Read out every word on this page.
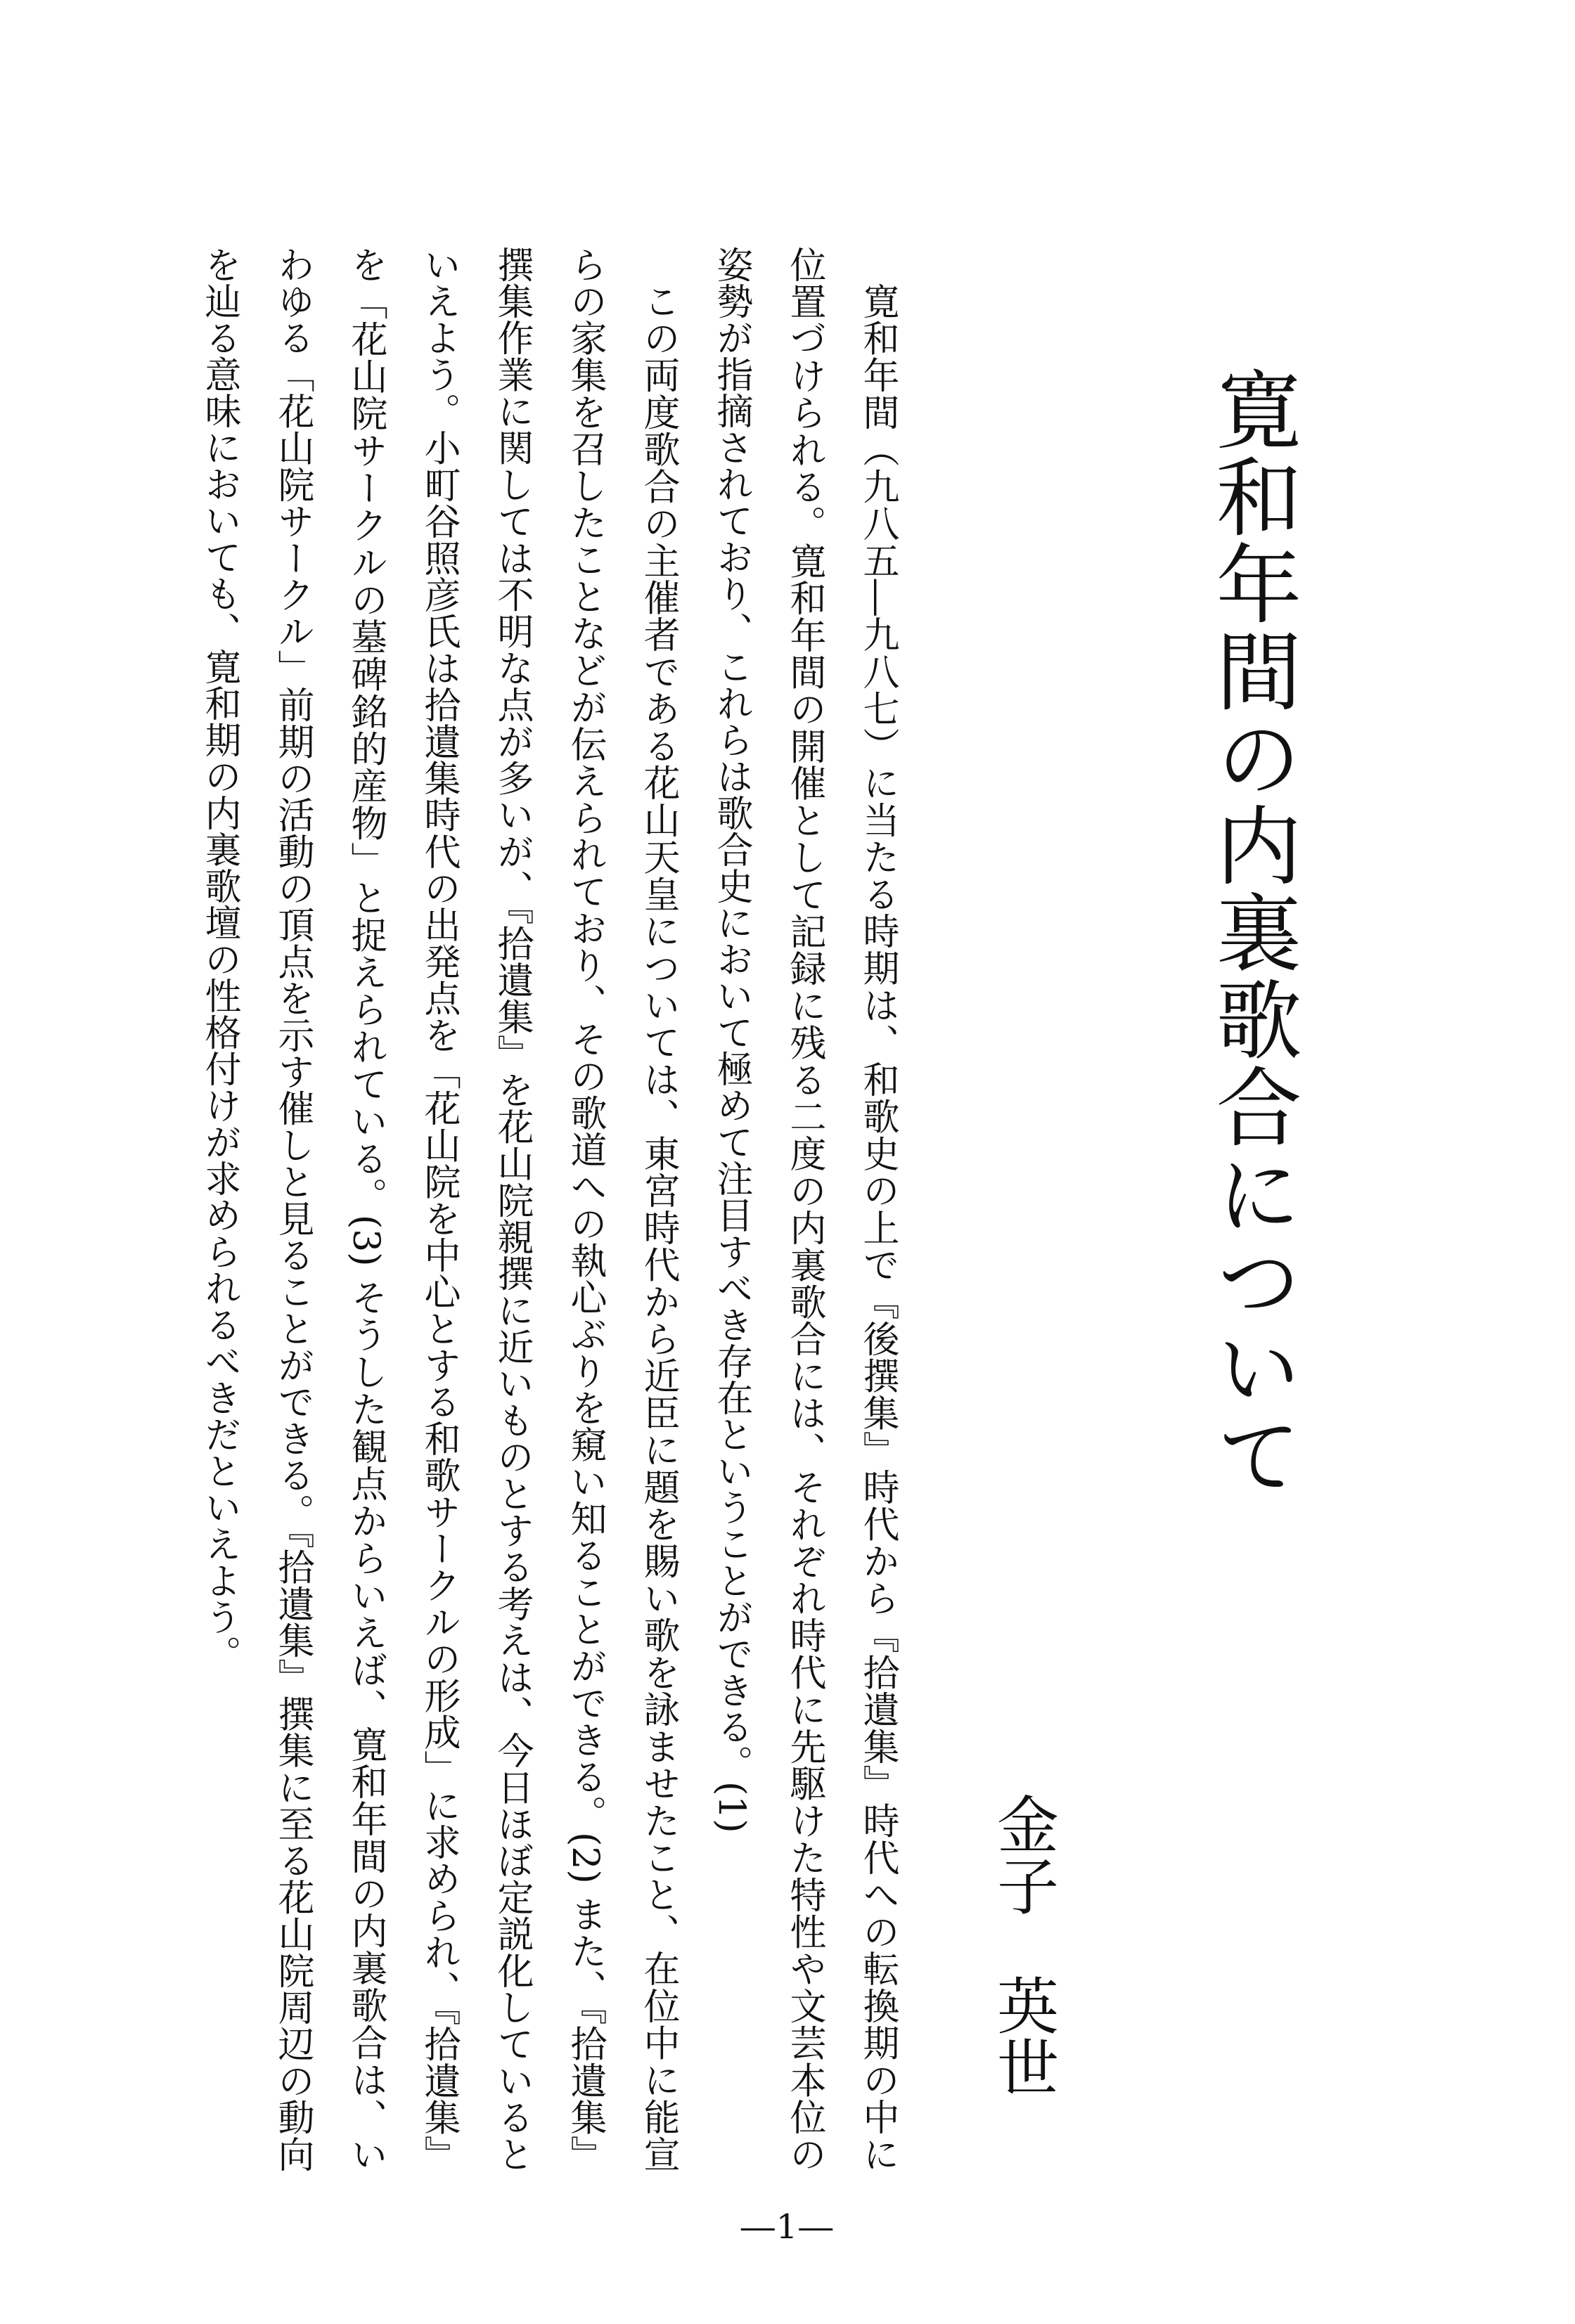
寛和年間の内裏歌合について
金子英世

寛和年間（九八五―九八七）に当たる時期は、和歌史の上で『後撰集』時代から『拾遺集』時代への転換期の中に位置づけられる。寛和年間の開催として記録に残る二度の内裏歌合には、それぞれ時代に先駆けた特性や文芸本位の姿勢が指摘されており、これらは歌合史において極めて注目すべき存在ということができる。(1)

この両度歌合の主催者である花山天皇については、東宮時代から近臣に題を賜い歌を詠ませたこと、在位中に能宣らの家集を召したことなどが伝えられており、その歌道への執心ぶりを窺い知ることができる。(2) また、『拾遺集』撰集作業に関しては不明な点が多いが、『拾遺集』を花山院親撰に近いものとする考えは、今日ほぼ定説化しているといえよう。小町谷照彦氏は拾遺集時代の出発点を「花山院を中心とする和歌サークルの形成」に求められ、『拾遺集』を「花山院サークルの墓碑銘的産物」と捉えられている。(3) そうした観点からいえば、寛和年間の内裏歌合は、いわゆる「花山院サークル」前期の活動の頂点を示す催しと見ることができる。『拾遺集』撰集に至る花山院周辺の動向を辿る意味においても、寛和期の内裏歌壇の性格付けが求められるべきだといえよう。

―1―
